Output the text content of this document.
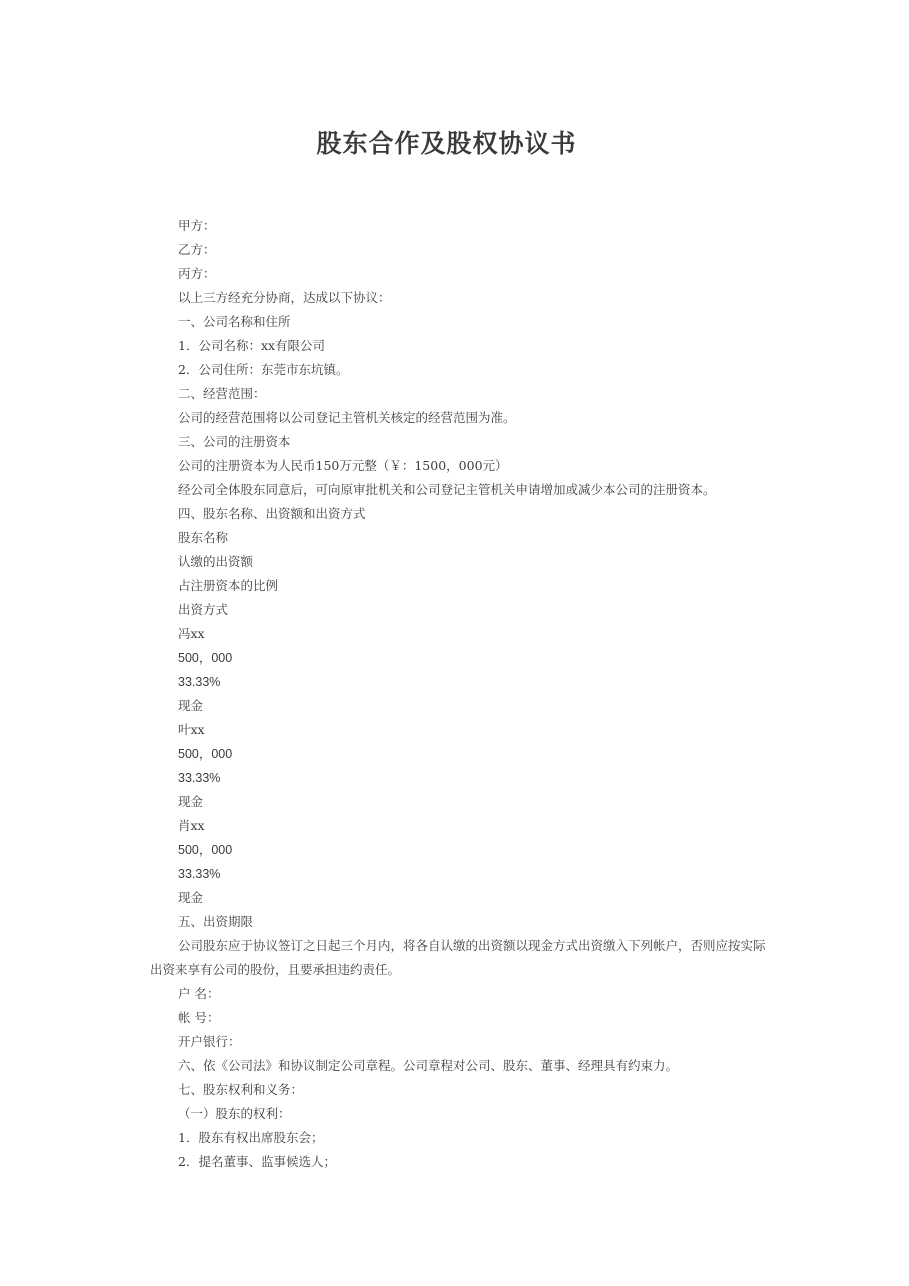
股东合作及股权协议书
甲方：
乙方：
丙方：
以上三方经充分协商，达成以下协议：
一、公司名称和住所
1．公司名称：xx有限公司
2．公司住所：东莞市东坑镇。
二、经营范围：
公司的经营范围将以公司登记主管机关核定的经营范围为准。
三、公司的注册资本
公司的注册资本为人民币150万元整（￥：1500，000元）
经公司全体股东同意后，可向原审批机关和公司登记主管机关申请增加或减少本公司的注册资本。
四、股东名称、出资额和出资方式
股东名称
认缴的出资额
占注册资本的比例
出资方式
冯xx
500，000
33.33%
现金
叶xx
500，000
33.33%
现金
肖xx
500，000
33.33%
现金
五、出资期限
公司股东应于协议签订之日起三个月内，将各自认缴的出资额以现金方式出资缴入下列帐户，否则应按实际出资来享有公司的股份，且要承担违约责任。
户 名：
帐 号：
开户银行：
六、依《公司法》和协议制定公司章程。公司章程对公司、股东、董事、经理具有约束力。
七、股东权利和义务：
（一）股东的权利：
1．股东有权出席股东会；
2．提名董事、监事候选人；
